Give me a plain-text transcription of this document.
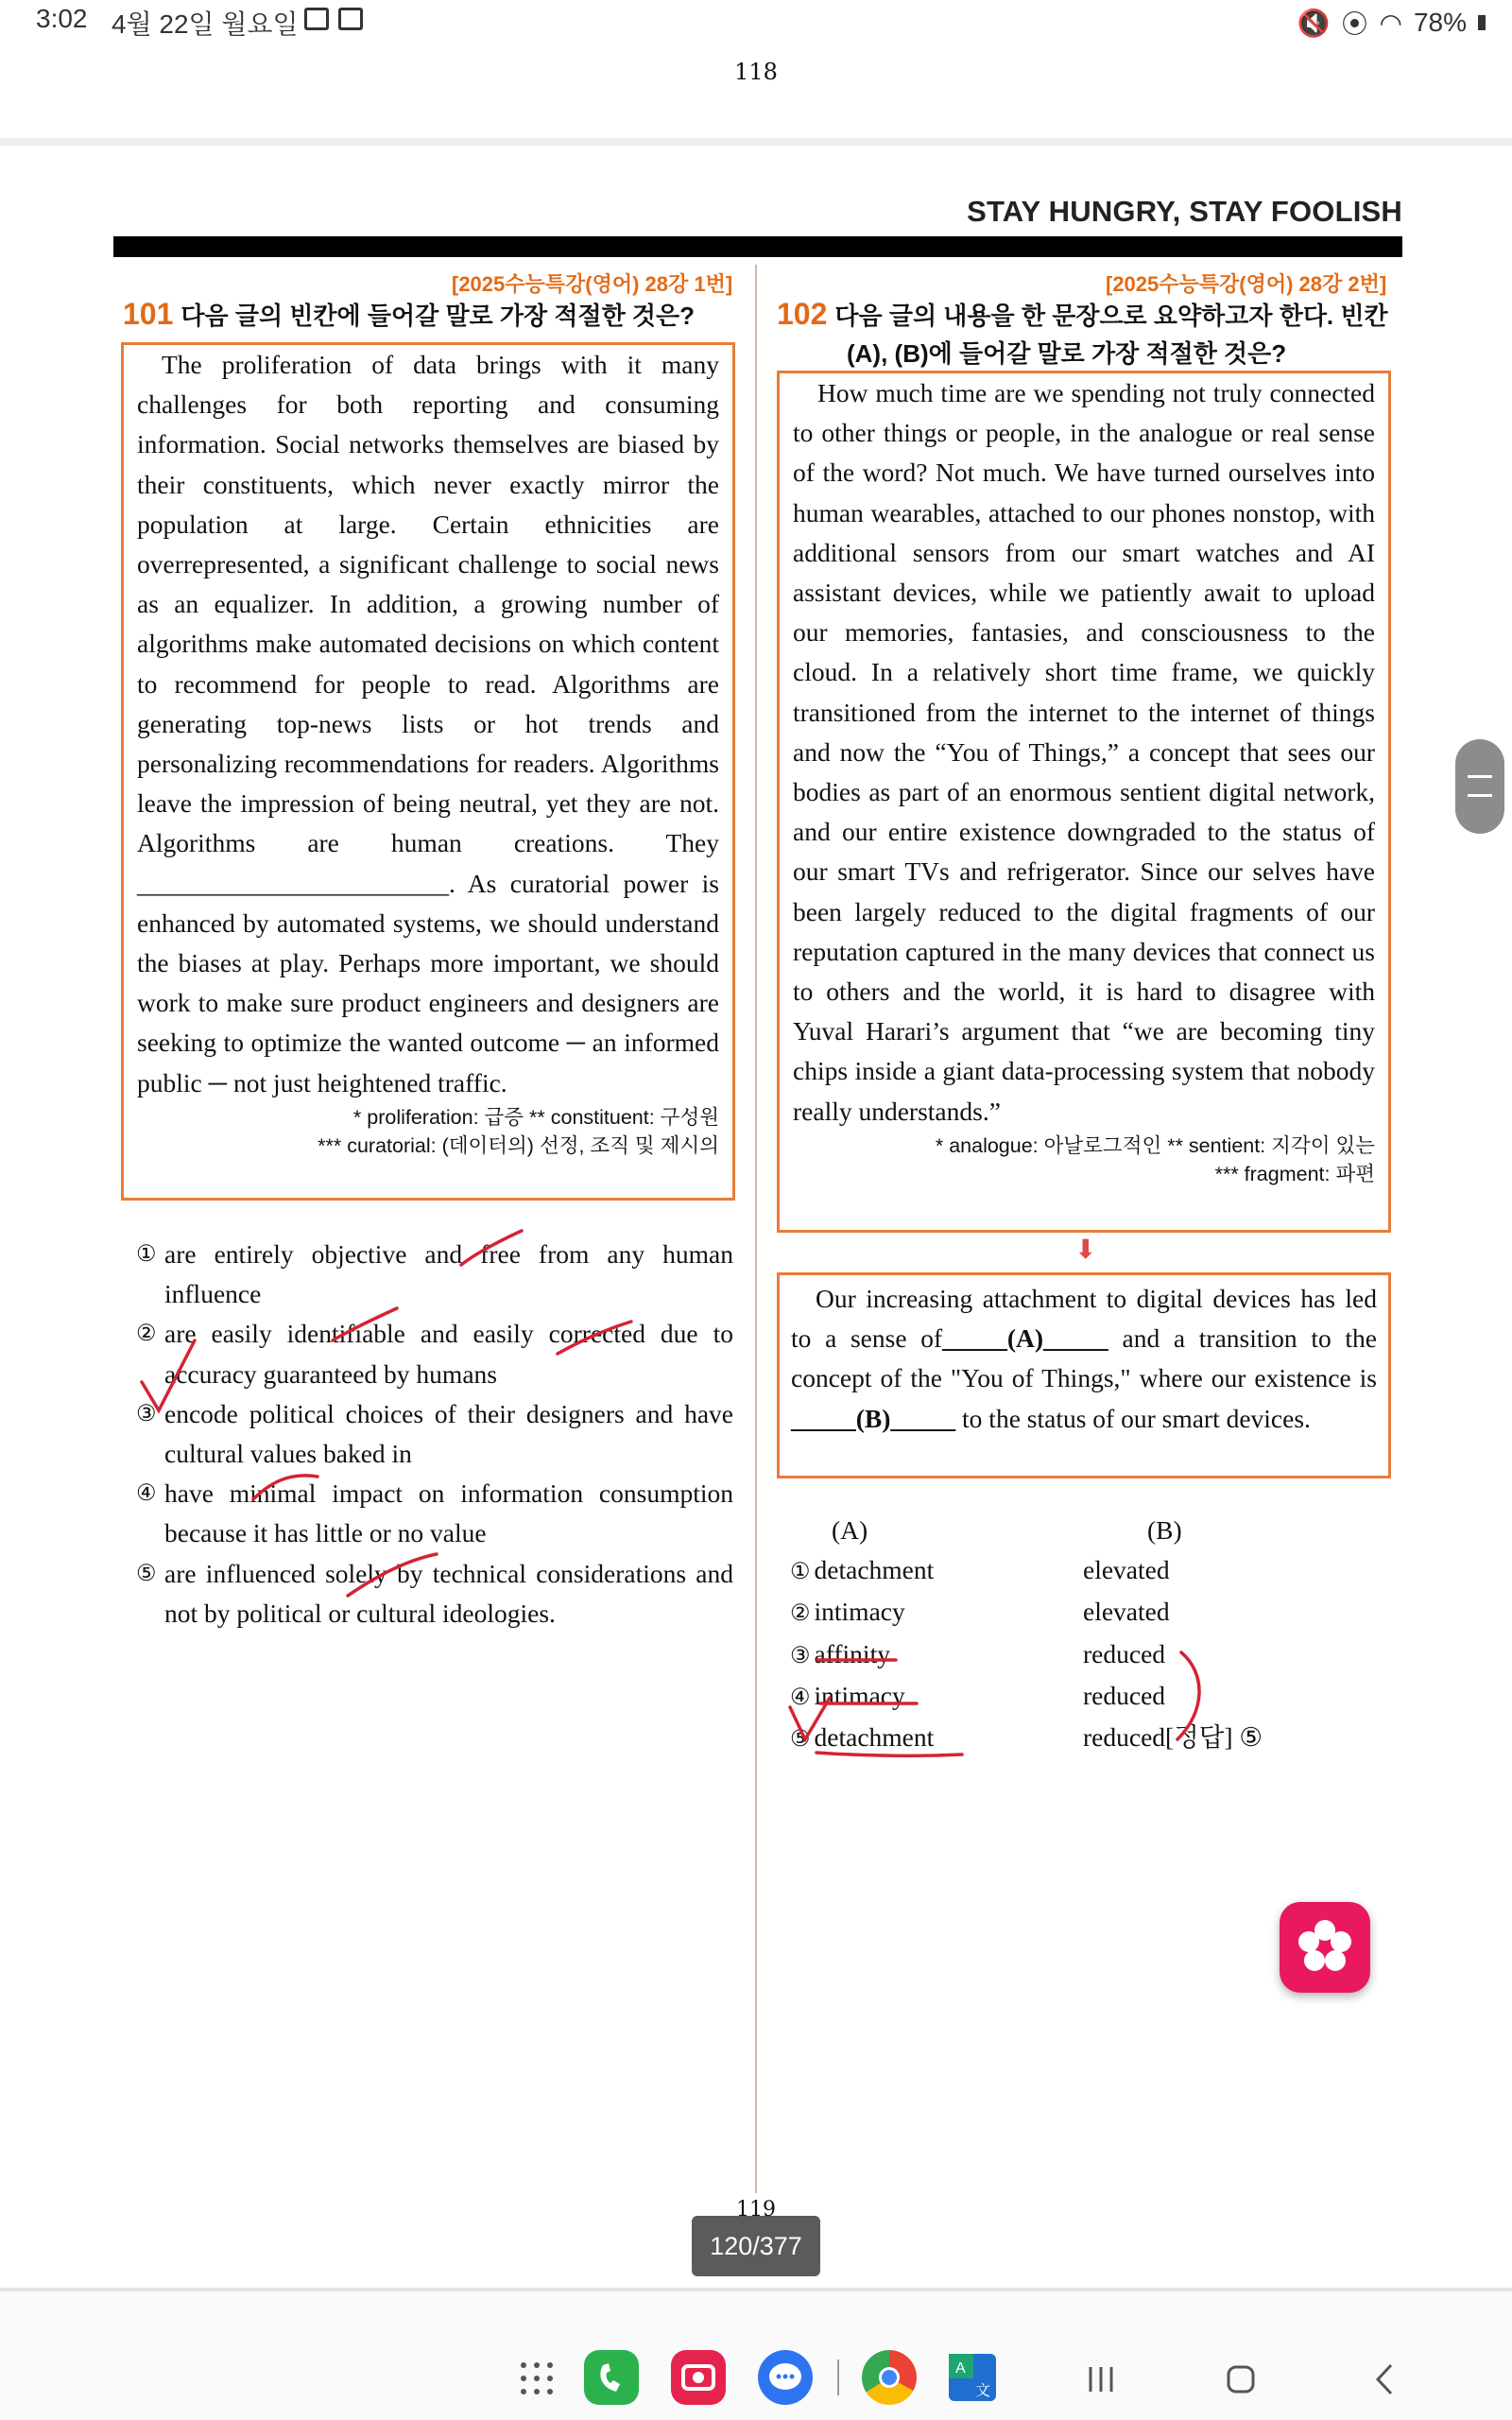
3:02 4월 22일 월요일	🔇 ⦿ ◠ 78%
118
STAY HUNGRY, STAY FOOLISH
[2025수능특강(영어) 28강 1번]
101 다음 글의 빈칸에 들어갈 말로 가장 적절한 것은?

The proliferation of data brings with it many challenges for both reporting and consuming information. Social networks themselves are biased by their constituents, which never exactly mirror the population at large. Certain ethnicities are overrepresented, a significant challenge to social news as an equalizer. In addition, a growing number of algorithms make automated decisions on which content to recommend for people to read. Algorithms are generating top-news lists or hot trends and personalizing recommendations for readers. Algorithms leave the impression of being neutral, yet they are not. Algorithms are human creations. They ________________________. As curatorial power is enhanced by automated systems, we should understand the biases at play. Perhaps more important, we should work to make sure product engineers and designers are seeking to optimize the wanted outcome ─ an informed public ─ not just heightened traffic.

* proliferation: 급증 ** constituent: 구성원
*** curatorial: (데이터의) 선정, 조직 및 제시의
① are entirely objective and free from any human influence
② are easily identifiable and easily corrected due to accuracy guaranteed by humans
③ encode political choices of their designers and have cultural values baked in
④ have minimal impact on information consumption because it has little or no value
⑤ are influenced solely by technical considerations and not by political or cultural ideologies.
[2025수능특강(영어) 28강 2번]
102 다음 글의 내용을 한 문장으로 요약하고자 한다. 빈칸
(A), (B)에 들어갈 말로 가장 적절한 것은?

How much time are we spending not truly connected to other things or people, in the analogue or real sense of the word? Not much. We have turned ourselves into human wearables, attached to our phones nonstop, with additional sensors from our smart watches and AI assistant devices, while we patiently await to upload our memories, fantasies, and consciousness to the cloud. In a relatively short time frame, we quickly transitioned from the internet to the internet of things and now the “You of Things,” a concept that sees our bodies as part of an enormous sentient digital network, and our entire existence downgraded to the status of our smart TVs and refrigerator. Since our selves have been largely reduced to the digital fragments of our reputation captured in the many devices that connect us to others and the world, it is hard to disagree with Yuval Harari’s argument that “we are becoming tiny chips inside a giant data-processing system that nobody really understands.”

* analogue: 아날로그적인 ** sentient: 지각이 있는
*** fragment: 파편
⬇

Our increasing attachment to digital devices has led to a sense of_____(A)_____ and a transition to the concept of the "You of Things," where our existence is _____(B)_____ to the status of our smart devices.

(A)	(B)
① detachment	elevated
② intimacy	elevated
③ affinity	reduced
④ intimacy	reduced
⑤ detachment	reduced[정답] ⑤
119
120/377
A
文
